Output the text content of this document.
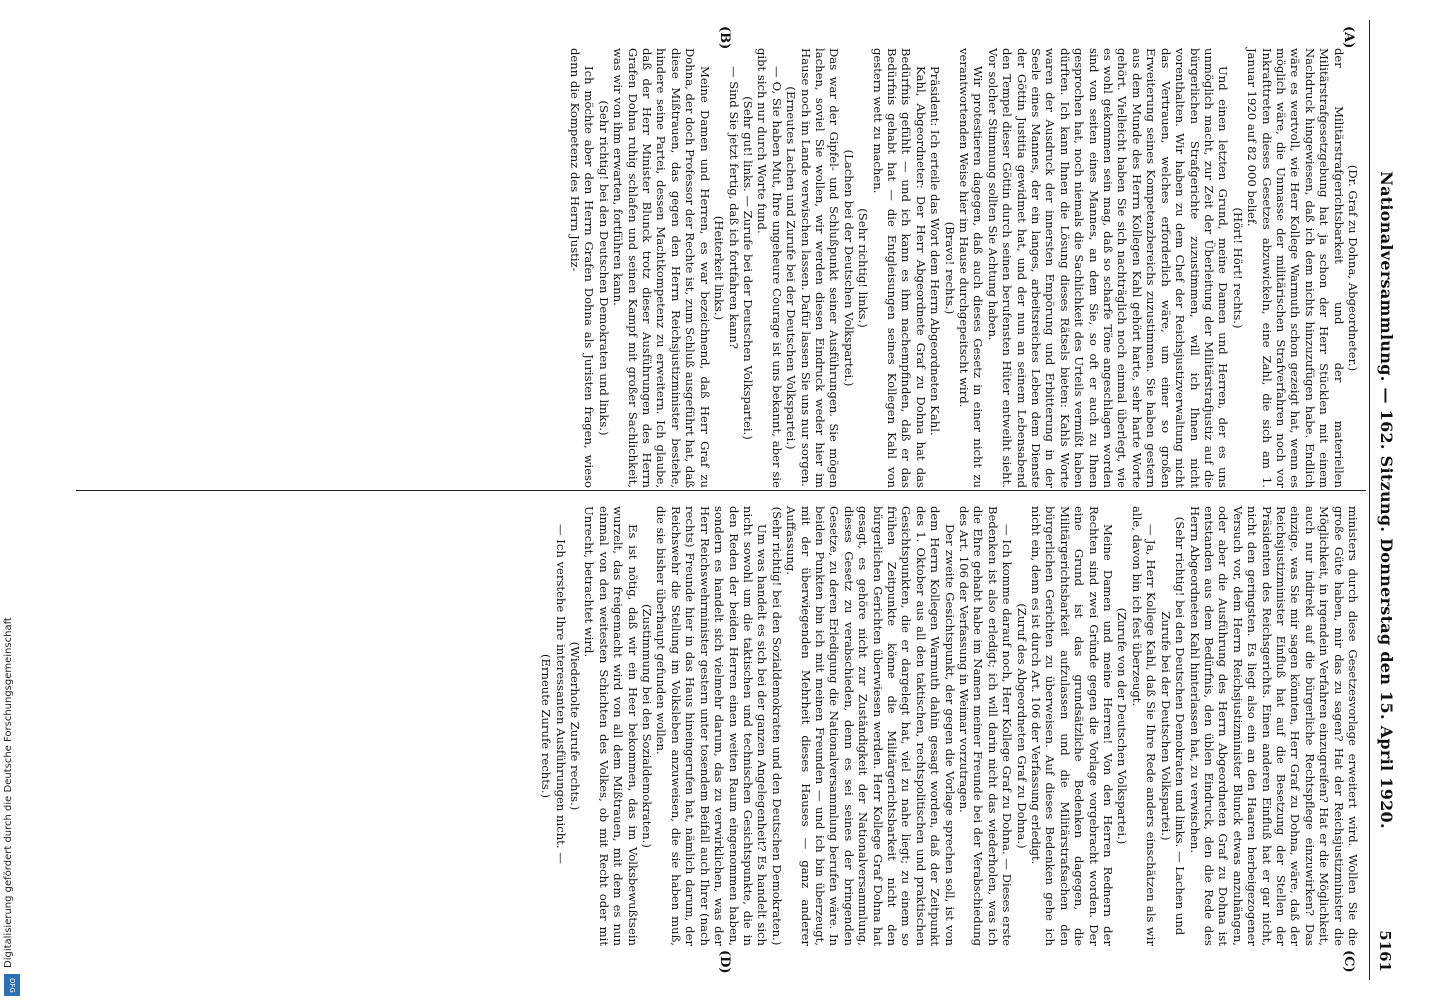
Nationalversammlung. — 162. Sitzung. Donnerstag den 15. April 1920.
5161

(Dr. Graf zu Dohna, Abgeordneter.)

der Militärstrafgerichtsbarkeit und der materiellen Militärstrafgesetzgebung hat ja schon der Herr Stücklen mit einem Nachdruck hingewiesen, daß ich dem nichts hinzuzufügen habe. Endlich wäre es wertvoll, wie Herr Kollege Warmuth schon gezeigt hat, wenn es möglich wäre, die Unmasse der militärischen Strafverfahren noch vor Inkrafttreten dieses Gesetzes abzuwickeln, eine Zahl, die sich am 1. Januar 1920 auf 82 000 belief.

(Hört! Hört! rechts.)

Und einen letzten Grund, meine Damen und Herren, der es uns unmöglich macht, zur Zeit der Überleitung der Militärstrafjustiz auf die bürgerlichen Strafgerichte zuzustimmen, will ich Ihnen nicht vorenthalten. Wir haben zu dem Chef der Reichsjustizverwaltung nicht das Vertrauen, welches erforderlich wäre, um einer so großen Erweiterung seines Kompetenzbereichs zuzustimmen. Sie haben gestern aus dem Munde des Herrn Kollegen Kahl gehört harte, sehr harte Worte gehört. Vielleicht haben Sie sich nachträglich noch einmal überlegt, wie es wohl gekommen sein mag, daß so scharfe Töne angeschlagen worden sind von seiten eines Mannes, an dem Sie, so oft er auch zu Ihnen gesprochen hat, noch niemals die Sachlichkeit des Urteils vermißt haben dürften. Ich kann Ihnen die Lösung dieses Rätsels bieten: Kahls Worte waren der Ausdruck der innersten Empörung und Erbitterung in der Seele eines Mannes, der ein langes, arbeitsreiches Leben dem Dienste der Göttin Justitia gewidmet hat, und der nun an seinem Lebensabend den Tempel dieser Göttin durch seinen berufensten Hüter entweiht sieht. Vor solcher Stimmung sollten Sie Achtung haben.

Wir protestieren dagegen, daß auch dieses Gesetz in einer nicht zu verantwortenden Weise hier im Hause durchgepeitscht wird.

(Bravo! rechts.)

Präsident: Ich erteile das Wort dem Herrn Abgeordneten Kahl.

Kahl, Abgeordneter: Der Herr Abgeordnete Graf zu Dohna hat das Bedürfnis gefühlt — und ich kann es ihm nachempfinden, daß er das Bedürfnis gehabt hat — die Entgleisungen seines Kollegen Kahl von gestern wett zu machen.

(Sehr richtig! links.)

(Lachen bei der Deutschen Volkspartei.)

Das war der Gipfel- und Schlußpunkt seiner Ausführungen. Sie mögen lachen, soviel Sie wollen, wir werden diesen Eindruck weder hier im Hause noch im Lande verwischen lassen. Dafür lassen Sie uns nur sorgen.

(Erneutes Lachen und Zurufe bei der Deutschen Volkspartei.)

— O, Sie haben Mut, Ihre ungeheure Courage ist uns bekannt, aber sie gibt sich nur durch Worte fund.

(Sehr gut! links. — Zurufe bei der Deutschen Volkspartei.)

— Sind Sie jetzt fertig, daß ich fortfahren kann?

(Heiterkeit links.)

Meine Damen und Herren, es war bezeichnend, daß Herr Graf zu Dohna, der doch Professor der Rechte ist, zum Schluß ausgeführt hat, daß diese Mißtrauen, das gegen den Herrn Reichsjustizminister bestehe, hindere seine Partei, dessen Machtkompetenz zu erweitern. Ich glaube, daß der Herr Minister Blunck trotz dieser Ausführungen des Herrn Grafen Dohna ruhig schlafen und seinen Kampf mit großer Sachlichkeit, was wir von ihm erwarten, fortführen kann.

(Sehr richtig! bei den Deutschen Demokraten und links.)

Ich möchte aber den Herrn Grafen Dohna als Juristen fragen, wieso denn die Kompetenz des Herrn Justiz-

(A)
(B)

ministers durch diese Gesetzesvorlage erweitert wird. Wollen Sie die große Güte haben, mir das zu sagen? Hat der Reichsjustizminister die Möglichkeit, in irgendein Verfahren einzugreifen? Hat er die Möglichkeit, auch nur indirekt auf die bürgerliche Rechtspflege einzuwirken? Das einzige, was Sie mir sagen könnten, Herr Graf zu Dohna, wäre, daß der Reichsjustizminister Einfluß hat auf die Besetzung der Stellen der Präsidenten des Reichsgerichts. Einen anderen Einfluß hat er gar nicht, nicht den geringsten. Es liegt also ein an den Haaren herbeigezogener Versuch vor, dem Herrn Reichsjustizminister Blunck etwas anzuhängen, oder aber die Ausführung des Herrn Abgeordneten Graf zu Dohna ist entstanden aus dem Bedürfnis, den üblen Eindruck, den die Rede des Herrn Abgeordneten Kahl hinterlassen hat, zu verwischen.

(Sehr richtig! bei den Deutschen Demokraten und links. — Lachen und Zurufe bei der Deutschen Volkspartei.)

— Ja, Herr Kollege Kahl, daß Sie Ihre Rede anders einschätzen als wir alle, davon bin ich fest überzeugt.

(Zurufe von der Deutschen Volkspartei.)

Meine Damen und meine Herren! Von den Herren Rednern der Rechten sind zwei Gründe gegen die Vorlage vorgebracht worden. Der eine Grund ist das grundsätzliche Bedenken dagegen, die Militärgerichtsbarkeit aufzulassen und die Militärstrafsachen den bürgerlichen Gerichten zu überweisen. Auf dieses Bedenken gehe ich nicht ein, denn es ist durch Art. 106 der Verfassung erledigt.

(Zuruf des Abgeordneten Graf zu Dohna.)

— Ich komme darauf noch, Herr Kollege Graf zu Dohna. — Dieses erste Bedenken ist also erledigt; ich will darin nicht das wiederholen, was ich die Ehre gehabt habe im Namen meiner Freunde bei der Verabschiedung des Art. 106 der Verfassung in Weimar vorzutragen.

Der zweite Gesichtspunkt, der gegen die Vorlage sprechen soll, ist von dem Herrn Kollegen Warmuth dahin gesagt worden, daß der Zeitpunkt des 1. Oktober aus all den taktischen, rechtspolitischen und praktischen Gesichtspunkten, die er dargelegt hat, viel zu nahe liegt; zu einem so frühen Zeitpunkte könne die Militärgerichtsbarkeit nicht den bürgerlichen Gerichten überwiesen werden. Herr Kollege Graf Dohna hat gesagt, es gehöre nicht zur Zuständigkeit der Nationalversammlung, dieses Gesetz zu verabschieden, denn es sei seines der bringenden Gesetze, zu deren Erledigung die Nationalversammlung berufen wäre. In beiden Punkten bin ich mit meinen Freunden — und ich bin überzeugt, mit der überwiegenden Mehrheit dieses Hauses — ganz anderer Auffassung.

(Sehr richtig! bei den Sozialdemokraten und den Deutschen Demokraten.)

Um was handelt es sich bei der ganzen Angelegenheit? Es handelt sich nicht sowohl um die taktischen und technischen Gesichtspunkte, die in den Reden der beiden Herren einen weiten Raum eingenommen haben, sondern es handelt sich vielmehr darum, das zu verwirklichen, was der Herr Reichswehrminister gestern unter tosendem Beifall auch Ihrer (nach rechts) Freunde hier in das Haus hineingerufen hat, nämlich darum, der Reichswehr die Stellung im Volksleben anzuweisen, die sie haben muß, die sie bisher überhaupt gefunden wollen.

(Zustimmung bei den Sozialdemokraten.)

Es ist nötig, daß wir ein Heer bekommen, das im Volksbewußtsein wurzelt, das freigemacht wird von all dem Mißtrauen, mit dem es nun einmal von den weitesten Schichten des Volkes, ob mit Recht oder mit Unrecht, betrachtet wird.

(Wiederholte Zurufe rechts.)

— Ich verstehe Ihre interessanten Ausführungen nicht. —

(Erneute Zurufe rechts.)

(C)
(D)
Digitalisierung gefördert durch die Deutsche Forschungsgemeinschaft
DFG
